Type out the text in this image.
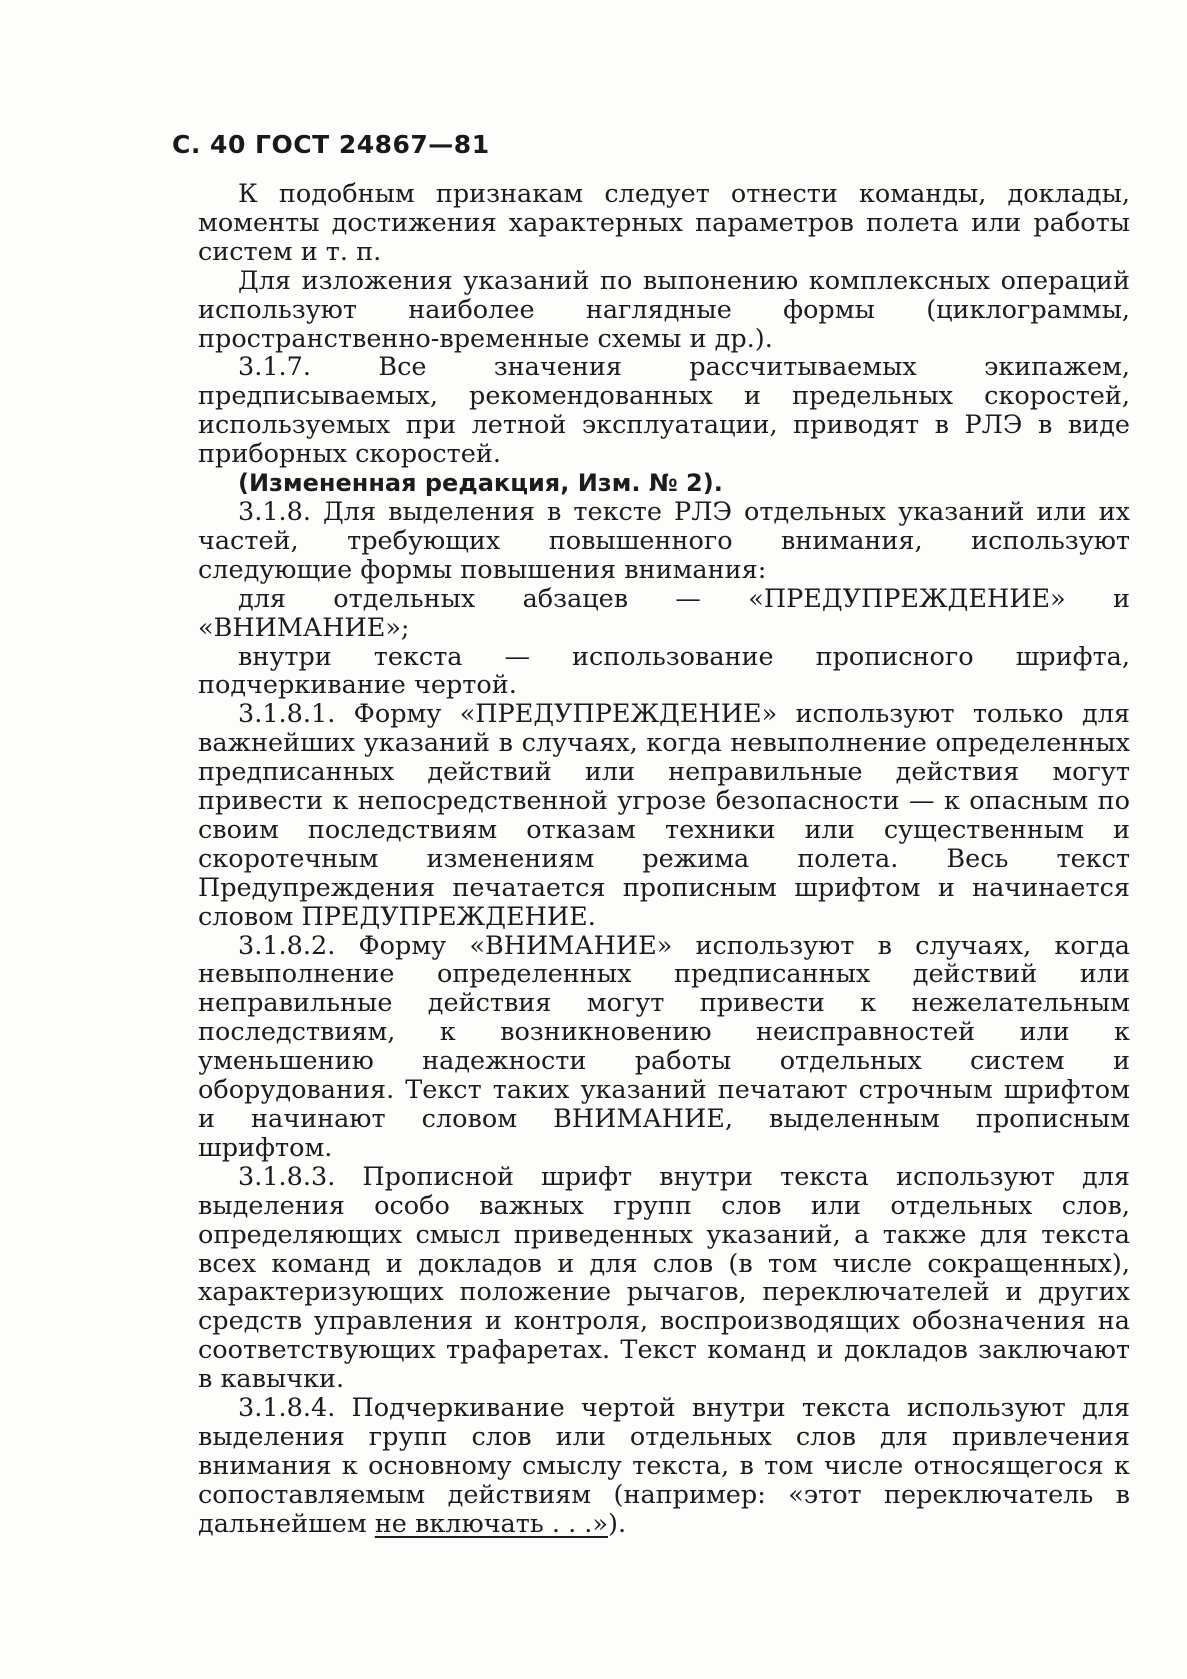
С. 40 ГОСТ 24867—81

К подобным признакам следует отнести команды, доклады, моменты достижения характерных параметров полета или работы систем и т. п.

Для изложения указаний по выпонению комплексных операций используют наиболее наглядные формы (циклограммы, пространственно-временные схемы и др.).

3.1.7. Все значения рассчитываемых экипажем, предписываемых, рекомендованных и предельных скоростей, используемых при летной эксплуатации, приводят в РЛЭ в виде приборных скоростей.

(Измененная редакция, Изм. № 2).

3.1.8. Для выделения в тексте РЛЭ отдельных указаний или их частей, требующих повышенного внимания, используют следующие формы повышения внимания:

для отдельных абзацев — «ПРЕДУПРЕЖДЕНИЕ» и «ВНИМАНИЕ»;

внутри текста — использование прописного шрифта, подчеркивание чертой.

3.1.8.1. Форму «ПРЕДУПРЕЖДЕНИЕ» используют только для важнейших указаний в случаях, когда невыполнение определенных предписанных действий или неправильные действия могут привести к непосредственной угрозе безопасности — к опасным по своим последствиям отказам техники или существенным и скоротечным изменениям режима полета. Весь текст Предупреждения печатается прописным шрифтом и начинается словом ПРЕДУПРЕЖДЕНИЕ.

3.1.8.2. Форму «ВНИМАНИЕ» используют в случаях, когда невыполнение определенных предписанных действий или неправильные действия могут привести к нежелательным последствиям, к возникновению неисправностей или к уменьшению надежности работы отдельных систем и оборудования. Текст таких указаний печатают строчным шрифтом и начинают словом ВНИМАНИЕ, выделенным прописным шрифтом.

3.1.8.3. Прописной шрифт внутри текста используют для выделения особо важных групп слов или отдельных слов, определяющих смысл приведенных указаний, а также для текста всех команд и докладов и для слов (в том числе сокращенных), характеризующих положение рычагов, переключателей и других средств управления и контроля, воспроизводящих обозначения на соответствующих трафаретах. Текст команд и докладов заключают в кавычки.

3.1.8.4. Подчеркивание чертой внутри текста используют для выделения групп слов или отдельных слов для привлечения внимания к основному смыслу текста, в том числе относящегося к сопоставляемым действиям (например: «этот переключатель в дальнейшем не включать . . .»).
